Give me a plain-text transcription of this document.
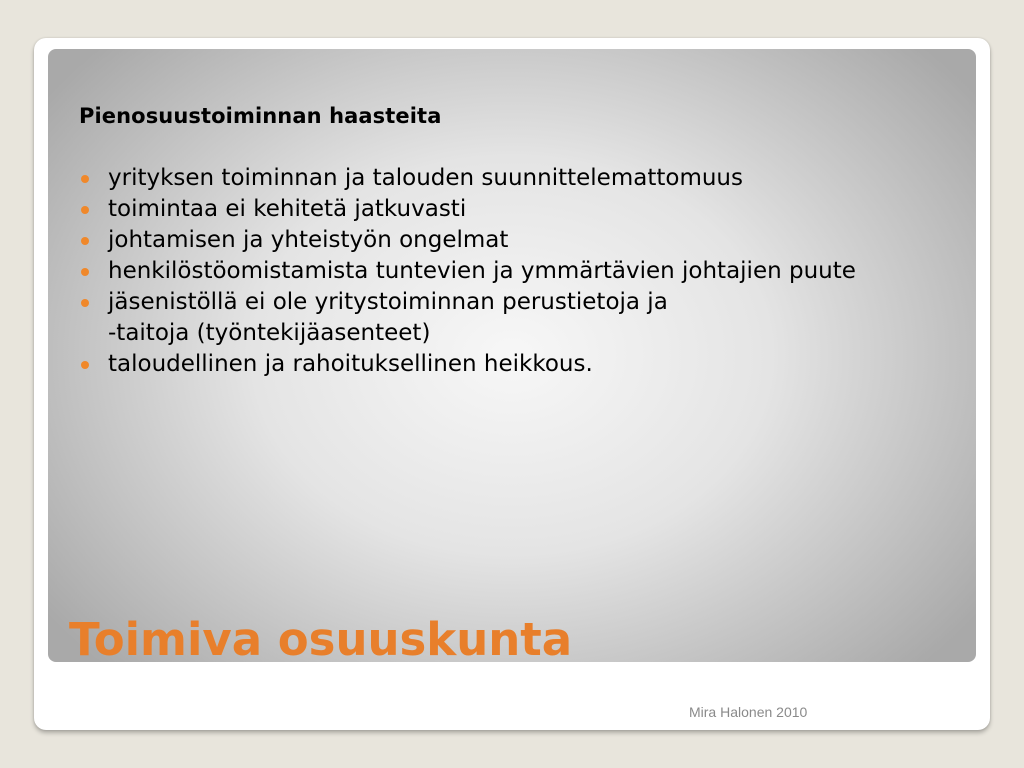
Pienosuustoiminnan haasteita
yrityksen toiminnan ja talouden suunnittelemattomuus
toimintaa ei kehitetä jatkuvasti
johtamisen ja yhteistyön ongelmat
henkilöstöomistamista tuntevien ja ymmärtävien johtajien puute
jäsenistöllä ei ole yritystoiminnan perustietoja ja
-taitoja (työntekijäasenteet)
taloudellinen ja rahoituksellinen heikkous.
Toimiva osuuskunta
Mira Halonen 2010
